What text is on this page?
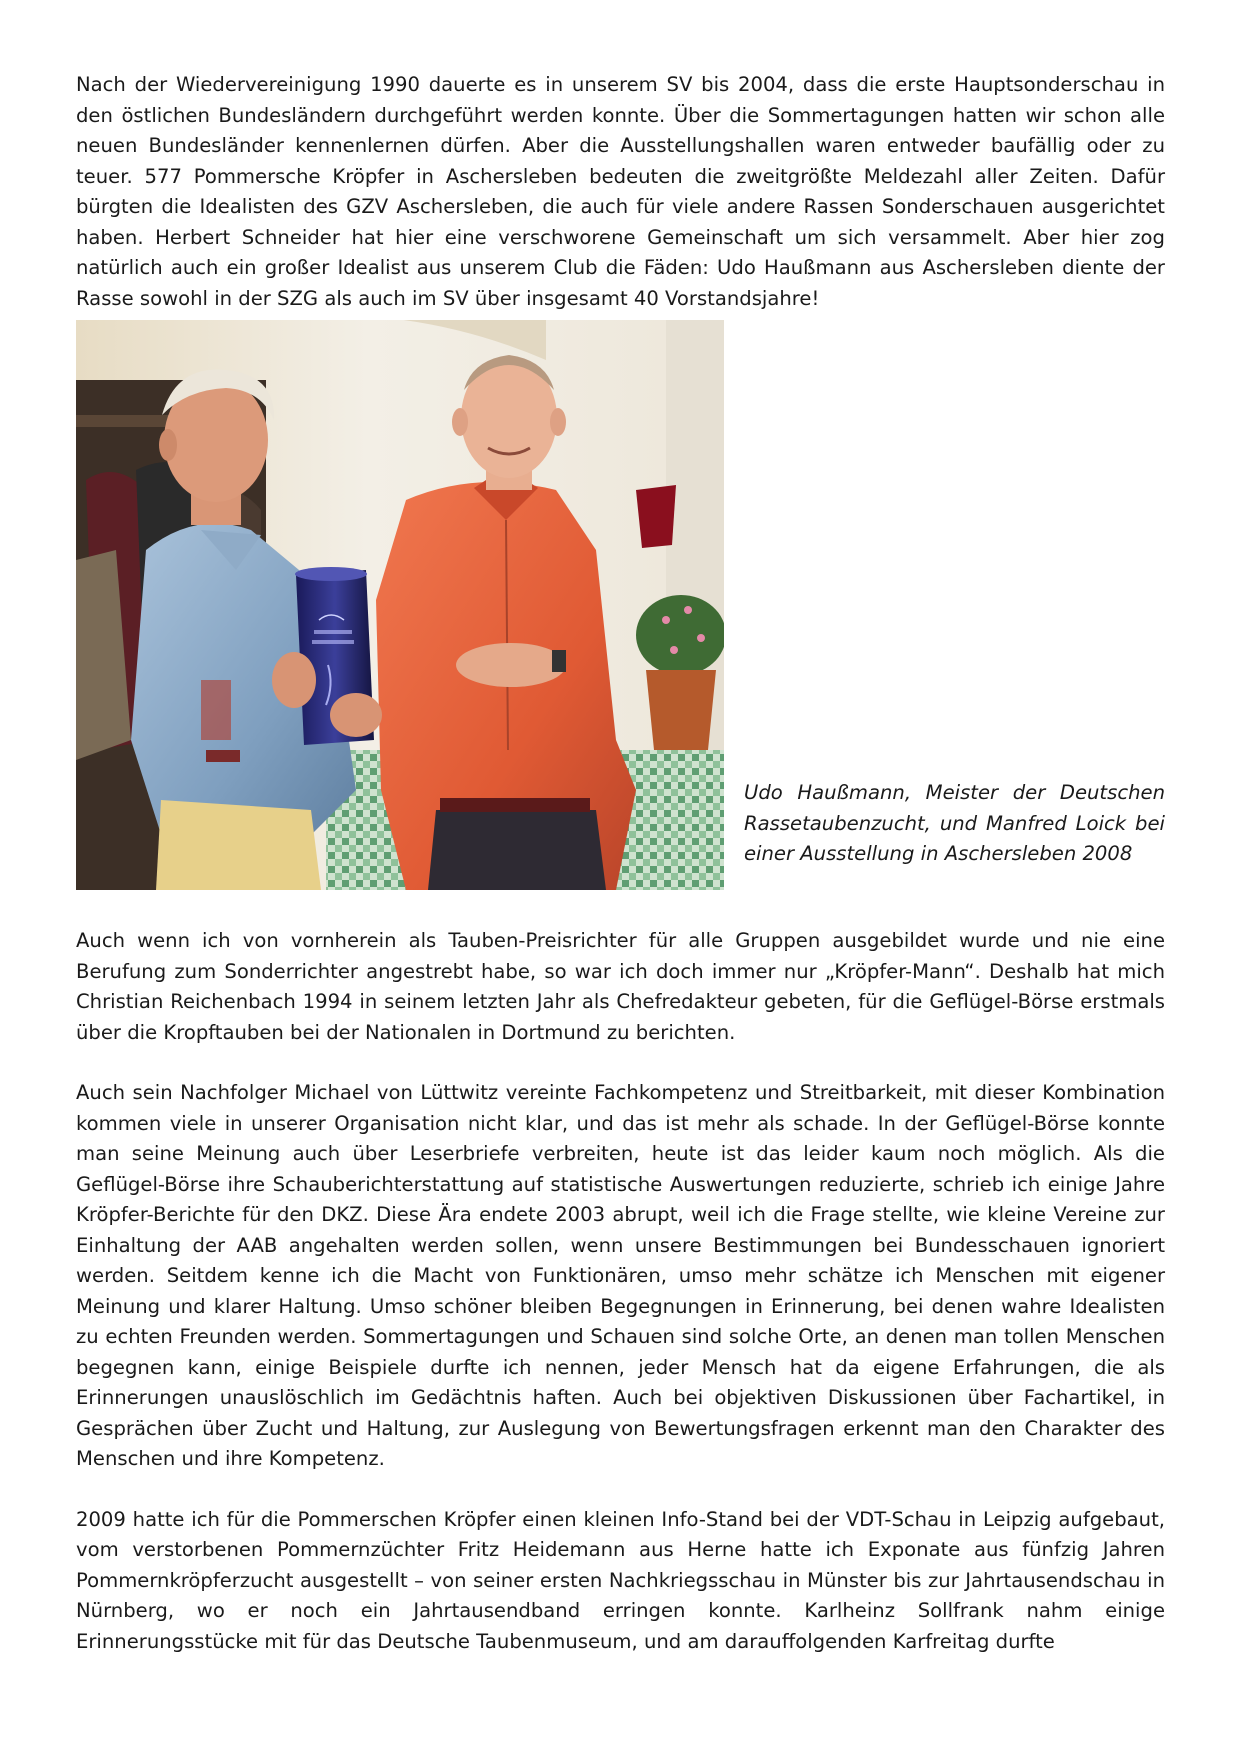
Nach der Wiedervereinigung 1990 dauerte es in unserem SV bis 2004, dass die erste Hauptsonderschau in den östlichen Bundesländern durchgeführt werden konnte. Über die Sommertagungen hatten wir schon alle neuen Bundesländer kennenlernen dürfen. Aber die Ausstellungshallen waren entweder baufällig oder zu teuer. 577 Pommersche Kröpfer in Aschersleben bedeuten die zweitgrößte Meldezahl aller Zeiten. Dafür bürgten die Idealisten des GZV Aschersleben, die auch für viele andere Rassen Sonderschauen ausgerichtet haben. Herbert Schneider hat hier eine verschworene Gemeinschaft um sich versammelt. Aber hier zog natürlich auch ein großer Idealist aus unserem Club die Fäden: Udo Haußmann aus Aschersleben diente der Rasse sowohl in der SZG als auch im SV über insgesamt 40 Vorstandsjahre!

Udo Haußmann, Meister der Deutschen Rassetaubenzucht, und Manfred Loick bei einer Ausstellung in Aschersleben 2008

Auch wenn ich von vornherein als Tauben-Preisrichter für alle Gruppen ausgebildet wurde und nie eine Berufung zum Sonderrichter angestrebt habe, so war ich doch immer nur „Kröpfer-Mann“. Deshalb hat mich Christian Reichenbach 1994 in seinem letzten Jahr als Chefredakteur gebeten, für die Geflügel-Börse erstmals über die Kropftauben bei der Nationalen in Dortmund zu berichten.

Auch sein Nachfolger Michael von Lüttwitz vereinte Fachkompetenz und Streitbarkeit, mit dieser Kombination kommen viele in unserer Organisation nicht klar, und das ist mehr als schade. In der Geflügel-Börse konnte man seine Meinung auch über Leserbriefe verbreiten, heute ist das leider kaum noch möglich. Als die Geflügel-Börse ihre Schauberichterstattung auf statistische Auswertungen reduzierte, schrieb ich einige Jahre Kröpfer-Berichte für den DKZ. Diese Ära endete 2003 abrupt, weil ich die Frage stellte, wie kleine Vereine zur Einhaltung der AAB angehalten werden sollen, wenn unsere Bestimmungen bei Bundesschauen ignoriert werden. Seitdem kenne ich die Macht von Funktionären, umso mehr schätze ich Menschen mit eigener Meinung und klarer Haltung. Umso schöner bleiben Begegnungen in Erinnerung, bei denen wahre Idealisten zu echten Freunden werden. Sommertagungen und Schauen sind solche Orte, an denen man tollen Menschen begegnen kann, einige Beispiele durfte ich nennen, jeder Mensch hat da eigene Erfahrungen, die als Erinnerungen unauslöschlich im Gedächtnis haften. Auch bei objektiven Diskussionen über Fachartikel, in Gesprächen über Zucht und Haltung, zur Auslegung von Bewertungsfragen erkennt man den Charakter des Menschen und ihre Kompetenz.

2009 hatte ich für die Pommerschen Kröpfer einen kleinen Info-Stand bei der VDT-Schau in Leipzig aufgebaut, vom verstorbenen Pommernzüchter Fritz Heidemann aus Herne hatte ich Exponate aus fünfzig Jahren Pommernkröpferzucht ausgestellt – von seiner ersten Nachkriegsschau in Münster bis zur Jahrtausendschau in Nürnberg, wo er noch ein Jahrtausendband erringen konnte. Karlheinz Sollfrank nahm einige Erinnerungsstücke mit für das Deutsche Taubenmuseum, und am darauffolgenden Karfreitag durfte
